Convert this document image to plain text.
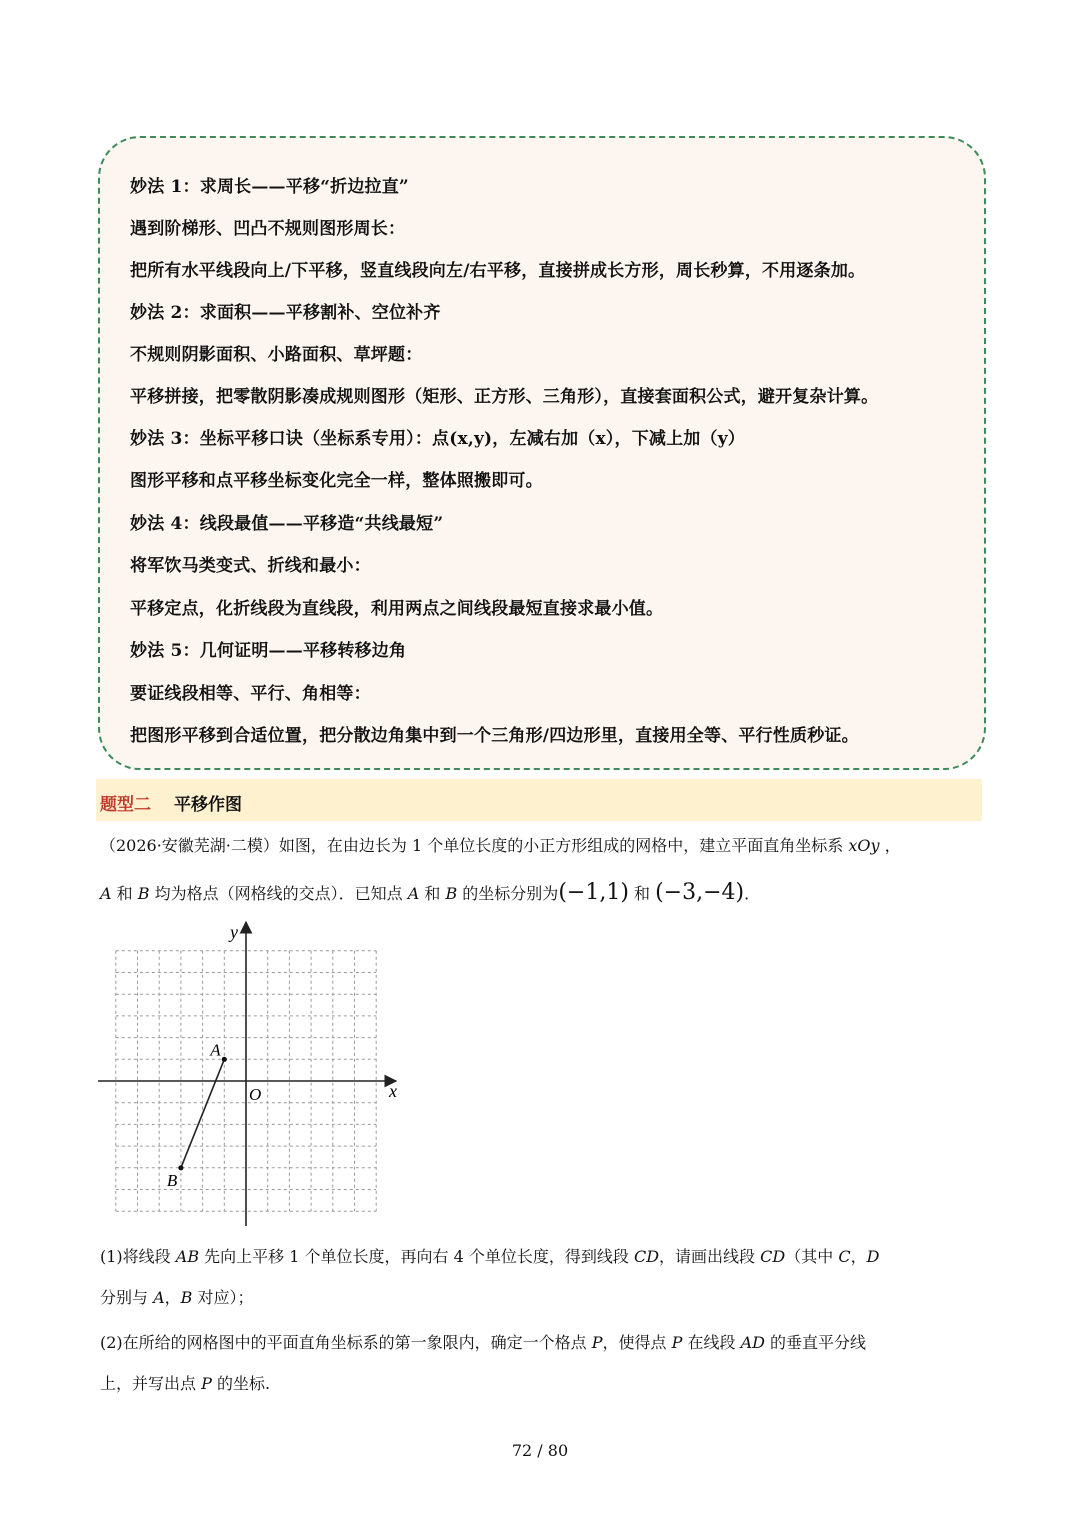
妙法 1：求周长——平移“折边拉直”
遇到阶梯形、凹凸不规则图形周长：
把所有水平线段向上/下平移，竖直线段向左/右平移，直接拼成长方形，周长秒算，不用逐条加。
妙法 2：求面积——平移割补、空位补齐
不规则阴影面积、小路面积、草坪题：
平移拼接，把零散阴影凑成规则图形（矩形、正方形、三角形），直接套面积公式，避开复杂计算。
妙法 3：坐标平移口诀（坐标系专用）：点(x,y)，左减右加（x），下减上加（y）
图形平移和点平移坐标变化完全一样，整体照搬即可。
妙法 4：线段最值——平移造“共线最短”
将军饮马类变式、折线和最小：
平移定点，化折线段为直线段，利用两点之间线段最短直接求最小值。
妙法 5：几何证明——平移转移边角
要证线段相等、平行、角相等：
把图形平移到合适位置，把分散边角集中到一个三角形/四边形里，直接用全等、平行性质秒证。
题型二 平移作图
（2026·安徽芜湖·二模）如图，在由边长为 1 个单位长度的小正方形组成的网格中，建立平面直角坐标系 xOy ，
A 和 B 均为格点（网格线的交点）．已知点 A 和 B 的坐标分别为(−1,1) 和 (−3,−4)．
x
y
O
A
B
(1)将线段 AB 先向上平移 1 个单位长度，再向右 4 个单位长度，得到线段 CD，请画出线段 CD（其中 C，D
分别与 A，B 对应）；
(2)在所给的网格图中的平面直角坐标系的第一象限内，确定一个格点 P，使得点 P 在线段 AD 的垂直平分线
上，并写出点 P 的坐标.
72 / 80
